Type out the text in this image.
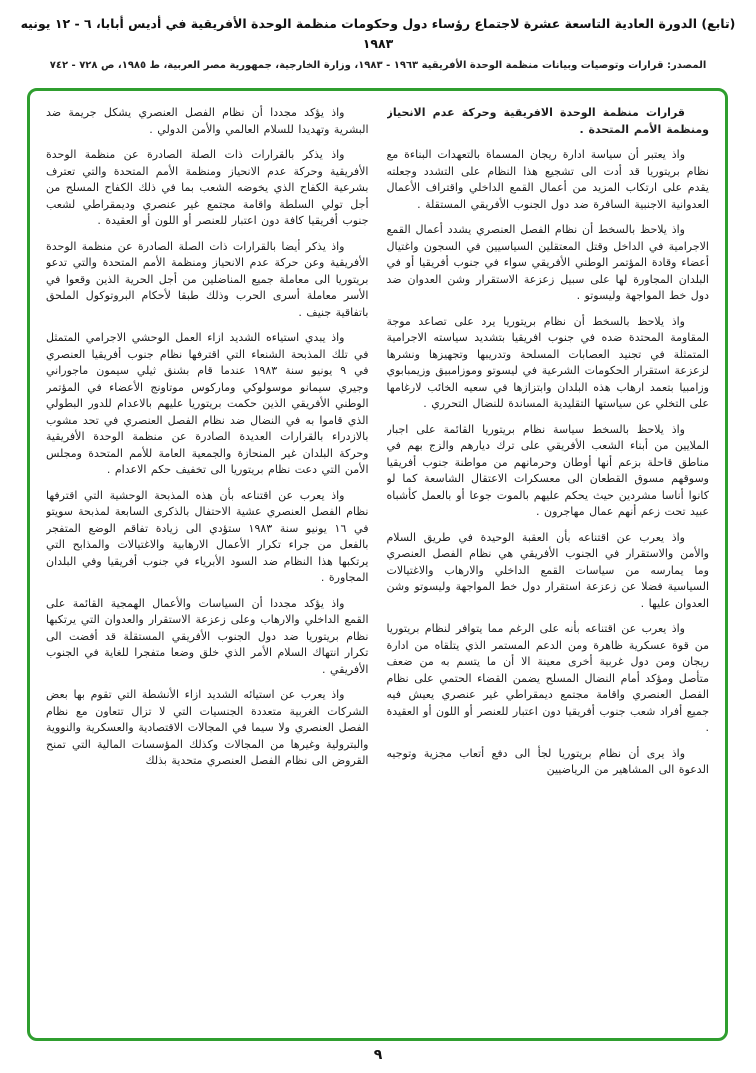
(تابع) الدورة العادية التاسعة عشرة لاجتماع رؤساء دول وحكومات منظمة الوحدة الأفريقية في أديس أبابا، ٦ - ١٢ يونيه ١٩٨٣
المصدر: قرارات وتوصيات وبيانات منظمة الوحدة الأفريقية ١٩٦٣ - ١٩٨٣، وزارة الخارجية، جمهورية مصر العربية، ط ١٩٨٥، ص ٧٢٨ - ٧٤٢

قرارات منظمة الوحدة الافريقية وحركة عدم الانحياز ومنظمة الأمم المتحدة .

واذ يعتبر أن سياسة ادارة ريجان المسماة بالتعهدات البناءة مع نظام بريتوريا قد أدت الى تشجيع هذا النظام على التشدد وجعلته يقدم على ارتكاب المزيد من أعمال القمع الداخلي واقتراف الأعمال العدوانية الاجنبية السافرة ضد دول الجنوب الأفريقي المستقلة .

واذ يلاحظ بالسخط أن نظام الفصل العنصري يشدد أعمال القمع الاجرامية في الداخل وقتل المعتقلين السياسيين في السجون واغتيال أعضاء وقادة المؤتمر الوطني الأفريقي سواء في جنوب أفريقيا أو في البلدان المجاورة لها على سبيل زعزعة الاستقرار وشن العدوان ضد دول خط المواجهة وليسوتو .

واذ يلاحظ بالسخط أن نظام بريتوريا يرد على تصاعد موجة المقاومة المحتدة ضده في جنوب افريقيا بتشديد سياسته الاجرامية المتمثلة في تجنيد العصابات المسلحة وتدريبها وتجهيزها ونشرها لزعزعة استقرار الحكومات الشرعية في ليسوتو وموزامبيق وزيمبابوي وزامبيا بتعمد ارهاب هذه البلدان وابتزازها في سعيه الخائب لارغامها على التخلي عن سياستها التقليدية المساندة للنضال التحرري .

واذ يلاحظ بالسخط سياسة نظام بريتوريا القائمة على اجبار الملايين من أبناء الشعب الأفريقي على ترك ديارهم والزج بهم في مناطق قاحلة بزعم أنها أوطان وحرمانهم من مواطنة جنوب أفريقيا وسوقهم مسوق القطعان الى معسكرات الاعتقال الشاسعة كما لو كانوا أناسا مشردين حيث يحكم عليهم بالموت جوعا أو بالعمل كأشباه عبيد تحت زعم أنهم عمال مهاجرون .

واذ يعرب عن اقتناعه بأن العقبة الوحيدة في طريق السلام والأمن والاستقرار في الجنوب الأفريقي هي نظام الفصل العنصري وما يمارسه من سياسات القمع الداخلي والارهاب والاغتيالات السياسية فضلا عن زعزعة استقرار دول خط المواجهة وليسوتو وشن العدوان عليها .

واذ يعرب عن اقتناعه بأنه على الرغم مما يتوافر لنظام بريتوريا من قوة عسكرية ظاهرة ومن الدعم المستمر الذي يتلقاه من ادارة ريجان ومن دول غربية أخرى معينة الا أن ما يتسم به من ضعف متأصل ومؤكد أمام النضال المسلح يضمن القضاء الحتمي على نظام الفصل العنصري واقامة مجتمع ديمقراطي غير عنصري يعيش فيه جميع أفراد شعب جنوب أفريقيا دون اعتبار للعنصر أو اللون أو العقيدة .

واذ يرى أن نظام بريتوريا لجأ الى دفع أتعاب مجزية وتوجيه الدعوة الى المشاهير من الرياضيين

واذ يؤكد مجددا أن نظام الفصل العنصري يشكل جريمة ضد البشرية وتهديدا للسلام العالمي والأمن الدولي .

واذ يذكر بالقرارات ذات الصلة الصادرة عن منظمة الوحدة الأفريقية وحركة عدم الانحياز ومنظمة الأمم المتحدة والتي تعترف بشرعية الكفاح الذي يخوضه الشعب بما في ذلك الكفاح المسلح من أجل تولي السلطة واقامة مجتمع غير عنصري وديمقراطي لشعب جنوب أفريقيا كافة دون اعتبار للعنصر أو اللون أو العقيدة .

واذ يذكر أيضا بالقرارات ذات الصلة الصادرة عن منظمة الوحدة الأفريقية وعن حركة عدم الانحياز ومنظمة الأمم المتحدة والتي تدعو بريتوريا الى معاملة جميع المناضلين من أجل الحرية الذين وقعوا في الأسر معاملة أسرى الحرب وذلك طبقا لأحكام البروتوكول الملحق باتفاقية جنيف .

واذ يبدي استياءه الشديد ازاء العمل الوحشي الاجرامي المتمثل في تلك المذبحة الشنعاء التي اقترفها نظام جنوب أفريقيا العنصري في ٩ يونيو سنة ١٩٨٣ عندما قام بشنق ثيلي سيمون ماجوراني وجيري سيمانو موسولوكي وماركوس موتاونج الأعضاء في المؤتمر الوطني الأفريقي الذين حكمت بريتوريا عليهم بالاعدام للدور البطولي الذي قاموا به في النضال ضد نظام الفصل العنصري في تحد مشوب بالازدراء بالقرارات العديدة الصادرة عن منظمة الوحدة الأفريقية وحركة البلدان غير المنحازة والجمعية العامة للأمم المتحدة ومجلس الأمن التي دعت نظام بريتوريا الى تخفيف حكم الاعدام .

واذ يعرب عن اقتناعه بأن هذه المذبحة الوحشية التي اقترفها نظام الفصل العنصري عشية الاحتفال بالذكرى السابعة لمذبحة سويتو في ١٦ يونيو سنة ١٩٨٣ ستؤدي الى زيادة تفاقم الوضع المتفجر بالفعل من جراء تكرار الأعمال الارهابية والاغتيالات والمذابح التي يرتكبها هذا النظام ضد السود الأبرياء في جنوب أفريقيا وفي البلدان المجاورة .

واذ يؤكد مجددا أن السياسات والأعمال الهمجية القائمة على القمع الداخلي والارهاب وعلى زعزعة الاستقرار والعدوان التي يرتكبها نظام بريتوريا ضد دول الجنوب الأفريقي المستقلة قد أفضت الى تكرار انتهاك السلام الأمر الذي خلق وضعا متفجرا للغاية في الجنوب الأفريقي .

واذ يعرب عن استيائه الشديد ازاء الأنشطة التي تقوم بها بعض الشركات الغربية متعددة الجنسيات التي لا تزال تتعاون مع نظام الفصل العنصري ولا سيما في المجالات الاقتصادية والعسكرية والنووية والبترولية وغيرها من المجالات وكذلك المؤسسات المالية التي تمنح القروض الى نظام الفصل العنصري متحدية بذلك

٩
